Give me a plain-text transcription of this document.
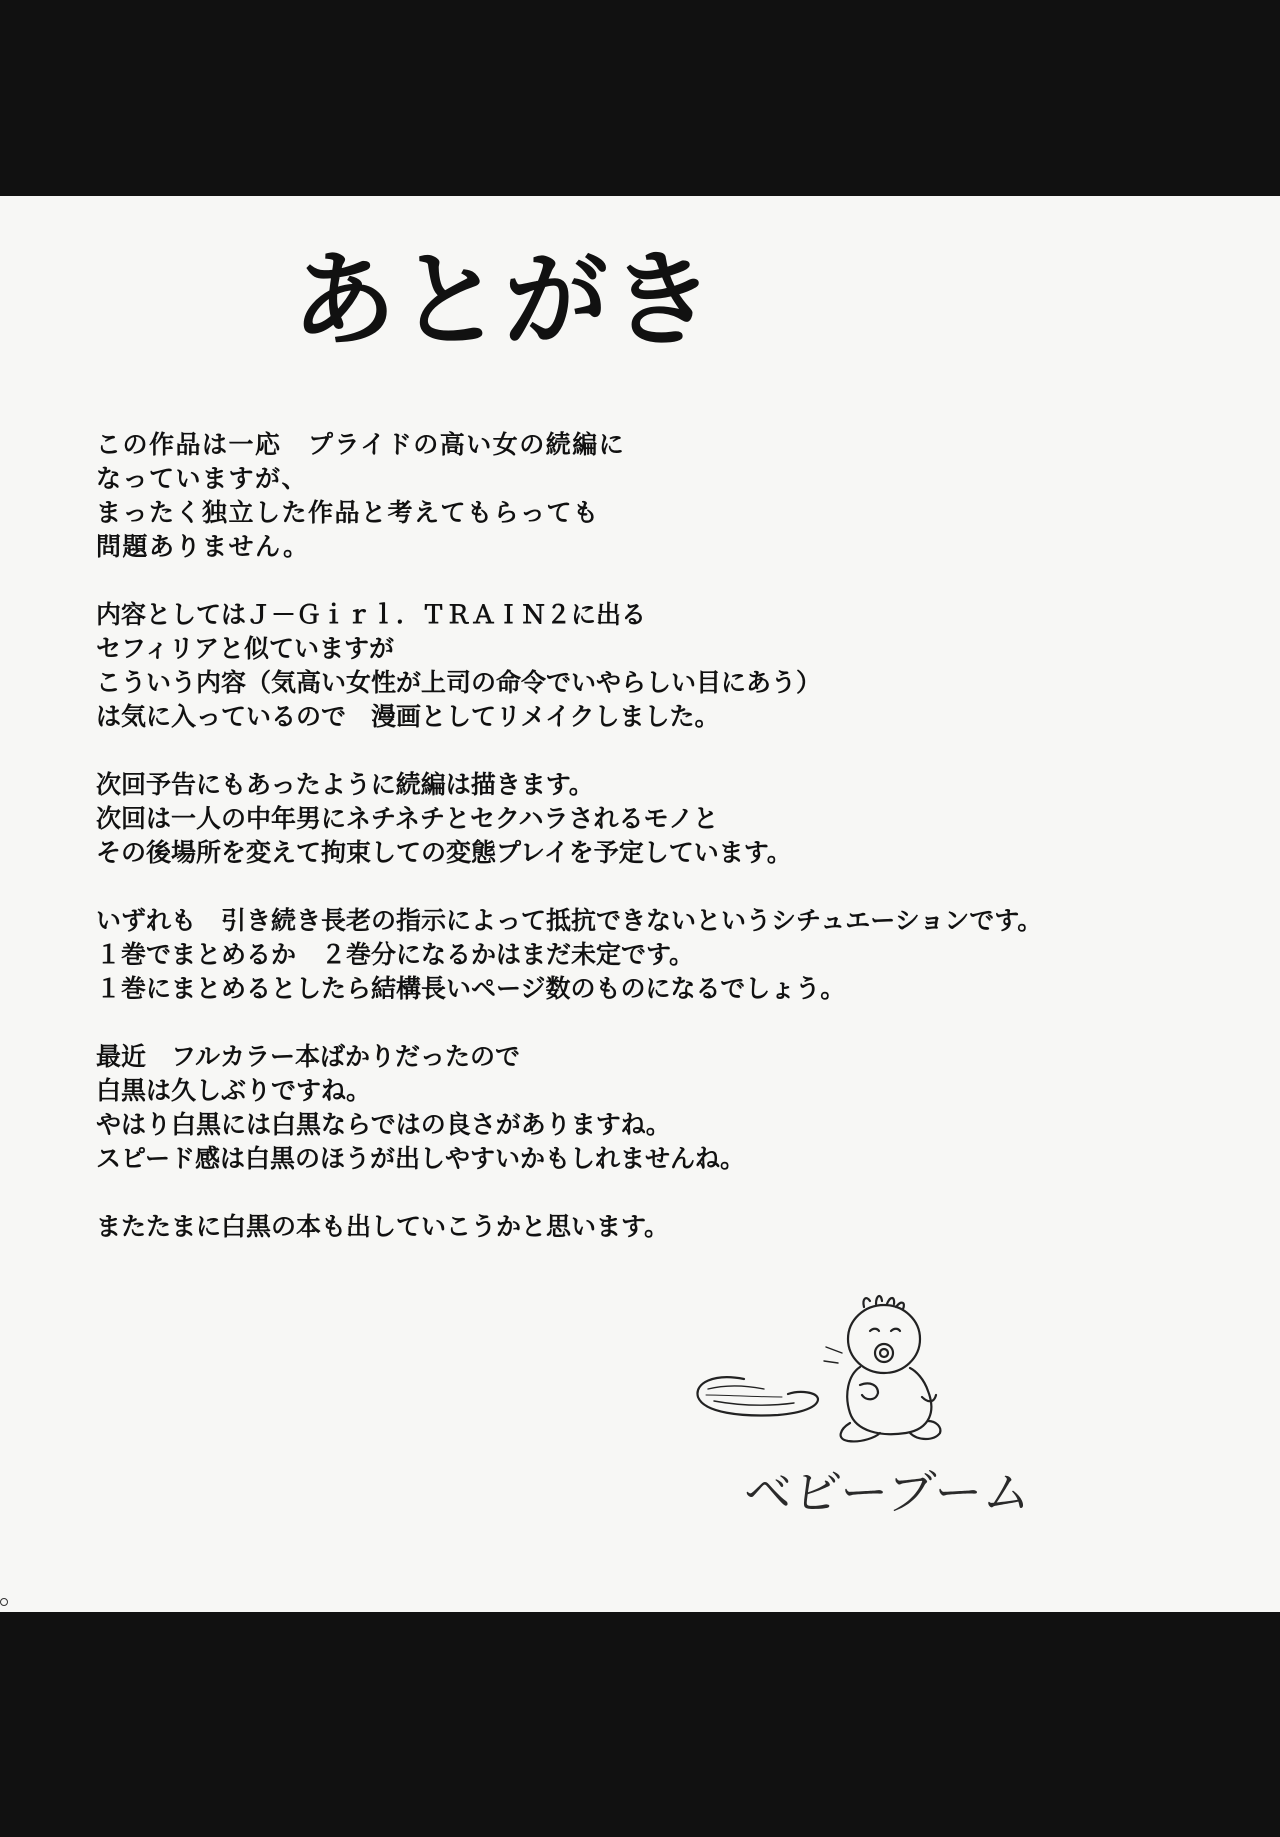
あとがき

この作品は一応　プライドの高い女の続編に
なっていますが、
まったく独立した作品と考えてもらっても
問題ありません。

内容としてはＪ－Ｇｉｒｌ．ＴＲＡＩＮ２に出る
セフィリアと似ていますが
こういう内容（気高い女性が上司の命令でいやらしい目にあう）
は気に入っているので　漫画としてリメイクしました。

次回予告にもあったように続編は描きます。
次回は一人の中年男にネチネチとセクハラされるモノと
その後場所を変えて拘束しての変態プレイを予定しています。

いずれも　引き続き長老の指示によって抵抗できないというシチュエーションです。
１巻でまとめるか　２巻分になるかはまだ未定です。
１巻にまとめるとしたら結構長いページ数のものになるでしょう。

最近　フルカラー本ばかりだったので
白黒は久しぶりですね。
やはり白黒には白黒ならではの良さがありますね。
スピード感は白黒のほうが出しやすいかもしれませんね。

またたまに白黒の本も出していこうかと思います。

ベビーブーム
